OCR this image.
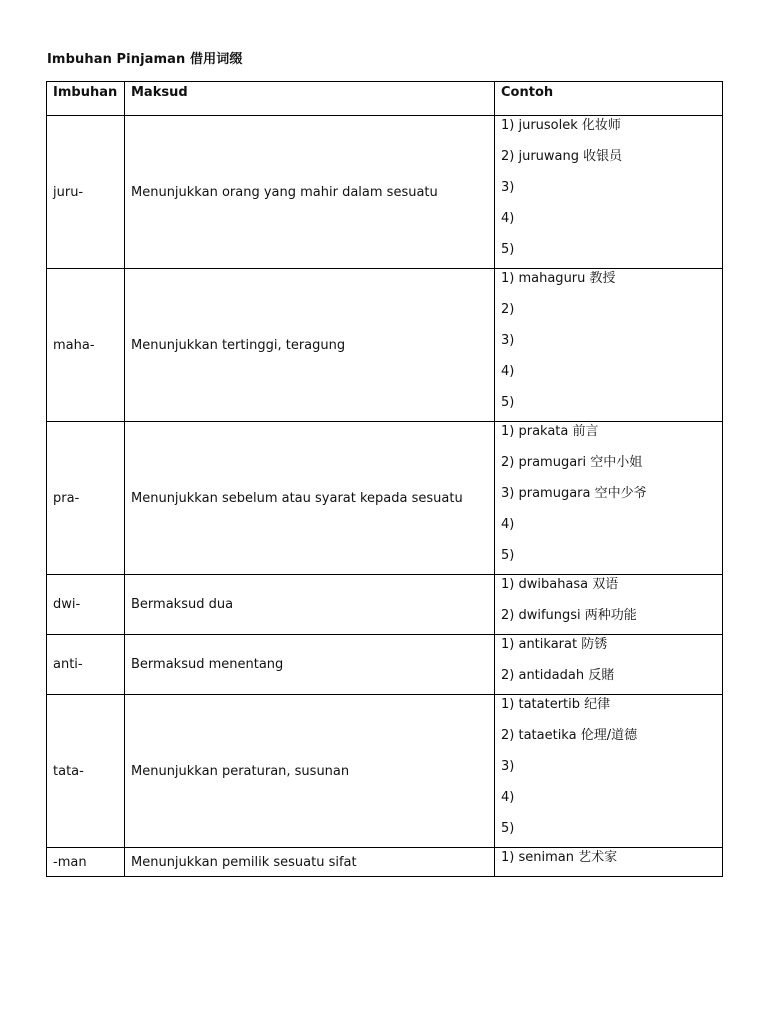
Imbuhan Pinjaman 借用词缀
Imbuhan	Maksud	Contoh
juru-	Menunjukkan orang yang mahir dalam sesuatu	1) jurusolek 化妆师
2) juruwang 收银员
3)
4)
5)

maha-	Menunjukkan tertinggi, teragung	1) mahaguru 教授
2)
3)
4)
5)

pra-	Menunjukkan sebelum atau syarat kepada sesuatu	1) prakata 前言
2) pramugari 空中小姐
3) pramugara 空中少爷
4)
5)

dwi-	Bermaksud dua	1) dwibahasa 双语
2) dwifungsi 两种功能

anti-	Bermaksud menentang	1) antikarat 防锈
2) antidadah 反賭

tata-	Menunjukkan peraturan, susunan	1) tatatertib 纪律
2) tataetika 伦理/道德
3)
4)
5)

-man	Menunjukkan pemilik sesuatu sifat	1) seniman 艺术家
